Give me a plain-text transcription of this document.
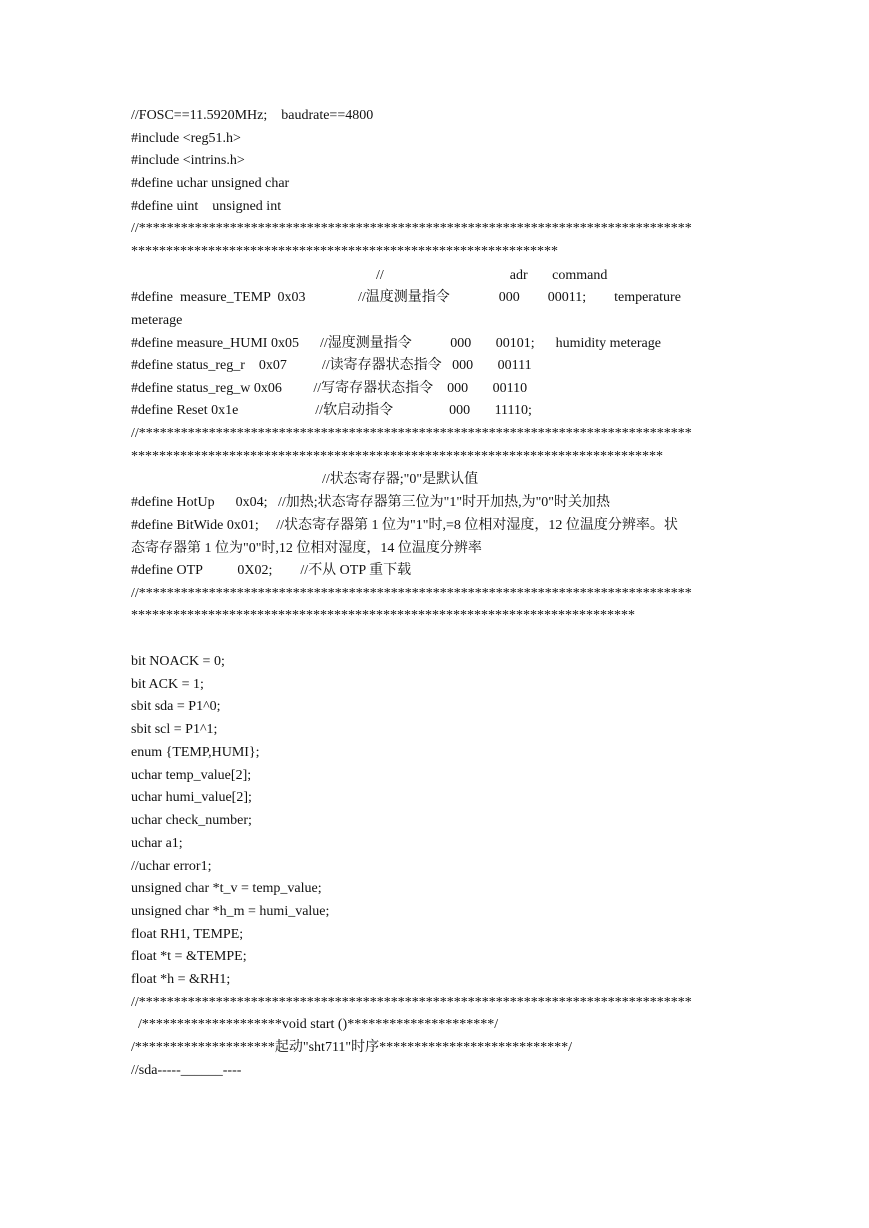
//FOSC==11.5920MHz;    baudrate==4800
#include <reg51.h>
#include <intrins.h>
#define uchar unsigned char
#define uint    unsigned int
//*******************************************************************************
*************************************************************
//                                    adr       command
#define  measure_TEMP  0x03               //温度测量指令              000        00011;        temperature
meterage
#define measure_HUMI 0x05      //湿度测量指令           000       00101;      humidity meterage
#define status_reg_r    0x07          //读寄存器状态指令   000       00111
#define status_reg_w 0x06         //写寄存器状态指令    000       00110
#define Reset 0x1e                      //软启动指令                000       11110;
//*******************************************************************************
****************************************************************************
//状态寄存器;"0"是默认值
#define HotUp      0x04;   //加热;状态寄存器第三位为"1"时开加热,为"0"时关加热
#define BitWide 0x01;     //状态寄存器第 1 位为"1"时,=8 位相对湿度，12 位温度分辨率。状
态寄存器第 1 位为"0"时,12 位相对湿度，14 位温度分辨率
#define OTP          0X02;        //不从 OTP 重下载
//*******************************************************************************
************************************************************************
bit NOACK = 0;
bit ACK = 1;
sbit sda = P1^0;
sbit scl = P1^1;
enum {TEMP,HUMI};
uchar temp_value[2];
uchar humi_value[2];
uchar check_number;
uchar a1;
//uchar error1;
unsigned char *t_v = temp_value;
unsigned char *h_m = humi_value;
float RH1, TEMPE;
float *t = &TEMPE;
float *h = &RH1;
//*******************************************************************************
/********************void start ()*********************/
/********************起动"sht711"时序***************************/
//sda-----______----
